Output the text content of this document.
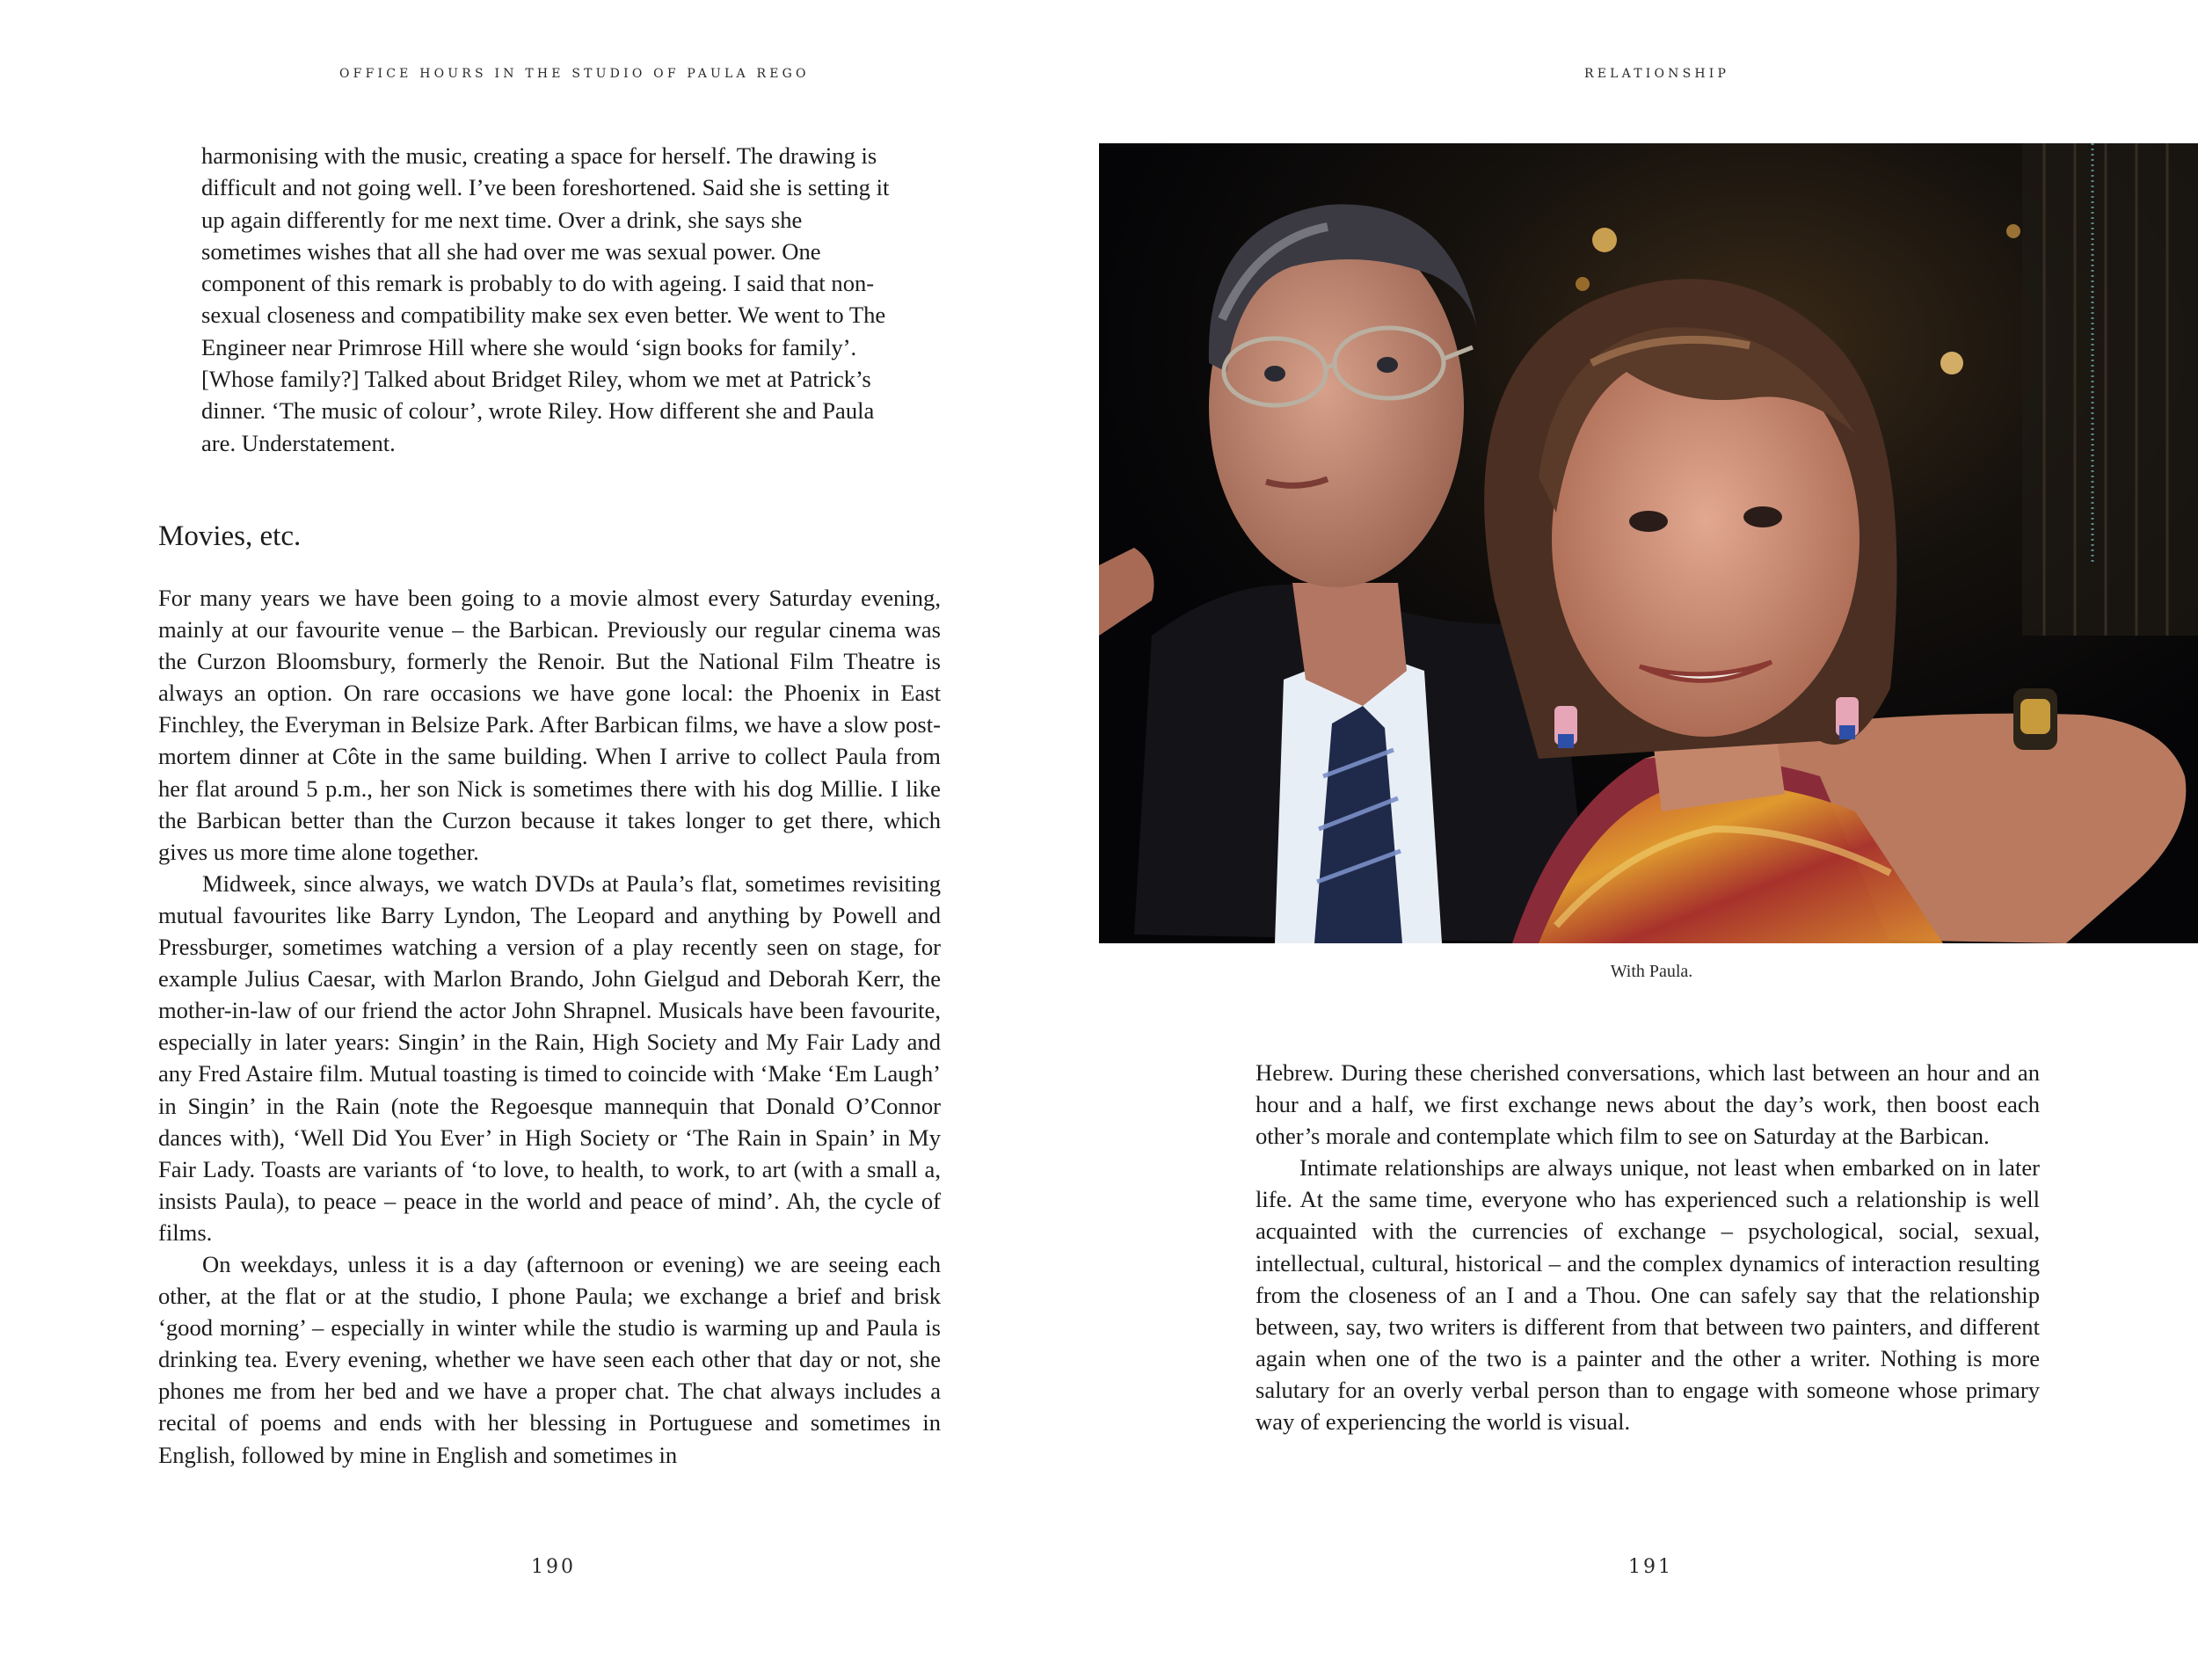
OFFICE HOURS IN THE STUDIO OF PAULA REGO

harmonising with the music, creating a space for herself. The drawing is difficult and not going well. I’ve been foreshortened. Said she is setting it up again differently for me next time. Over a drink, she says she sometimes wishes that all she had over me was sexual power. One component of this remark is probably to do with ageing. I said that non-sexual closeness and compatibility make sex even better. We went to The Engineer near Primrose Hill where she would ‘sign books for family’. [Whose family?] Talked about Bridget Riley, whom we met at Patrick’s dinner. ‘The music of colour’, wrote Riley. How different she and Paula are. Understatement.

Movies, etc.

For many years we have been going to a movie almost every Saturday evening, mainly at our favourite venue – the Barbican. Previously our regular cinema was the Curzon Bloomsbury, formerly the Renoir. But the National Film Theatre is always an option. On rare occasions we have gone local: the Phoenix in East Finchley, the Everyman in Belsize Park. After Barbican films, we have a slow post-mortem dinner at Côte in the same building. When I arrive to collect Paula from her flat around 5 p.m., her son Nick is sometimes there with his dog Millie. I like the Barbican better than the Curzon because it takes longer to get there, which gives us more time alone together.

Midweek, since always, we watch DVDs at Paula’s flat, sometimes revisiting mutual favourites like Barry Lyndon, The Leopard and anything by Powell and Pressburger, sometimes watching a version of a play recently seen on stage, for example Julius Caesar, with Marlon Brando, John Gielgud and Deborah Kerr, the mother-in-law of our friend the actor John Shrapnel. Musicals have been favourite, especially in later years: Singin’ in the Rain, High Society and My Fair Lady and any Fred Astaire film. Mutual toasting is timed to coincide with ‘Make ‘Em Laugh’ in Singin’ in the Rain (note the Regoesque mannequin that Donald O’Connor dances with), ‘Well Did You Ever’ in High Society or ‘The Rain in Spain’ in My Fair Lady. Toasts are variants of ‘to love, to health, to work, to art (with a small a, insists Paula), to peace – peace in the world and peace of mind’. Ah, the cycle of films.

On weekdays, unless it is a day (afternoon or evening) we are seeing each other, at the flat or at the studio, I phone Paula; we exchange a brief and brisk ‘good morning’ – especially in winter while the studio is warming up and Paula is drinking tea. Every evening, whether we have seen each other that day or not, she phones me from her bed and we have a proper chat. The chat always includes a recital of poems and ends with her blessing in Portuguese and sometimes in English, followed by mine in English and sometimes in

190
RELATIONSHIP

With Paula.

Hebrew. During these cherished conversations, which last between an hour and an hour and a half, we first exchange news about the day’s work, then boost each other’s morale and contemplate which film to see on Saturday at the Barbican.

Intimate relationships are always unique, not least when embarked on in later life. At the same time, everyone who has experienced such a relationship is well acquainted with the currencies of exchange – psychological, social, sexual, intellectual, cultural, historical – and the complex dynamics of interaction resulting from the closeness of an I and a Thou. One can safely say that the relationship between, say, two writers is different from that between two painters, and different again when one of the two is a painter and the other a writer. Nothing is more salutary for an overly verbal person than to engage with someone whose primary way of experiencing the world is visual.

191
